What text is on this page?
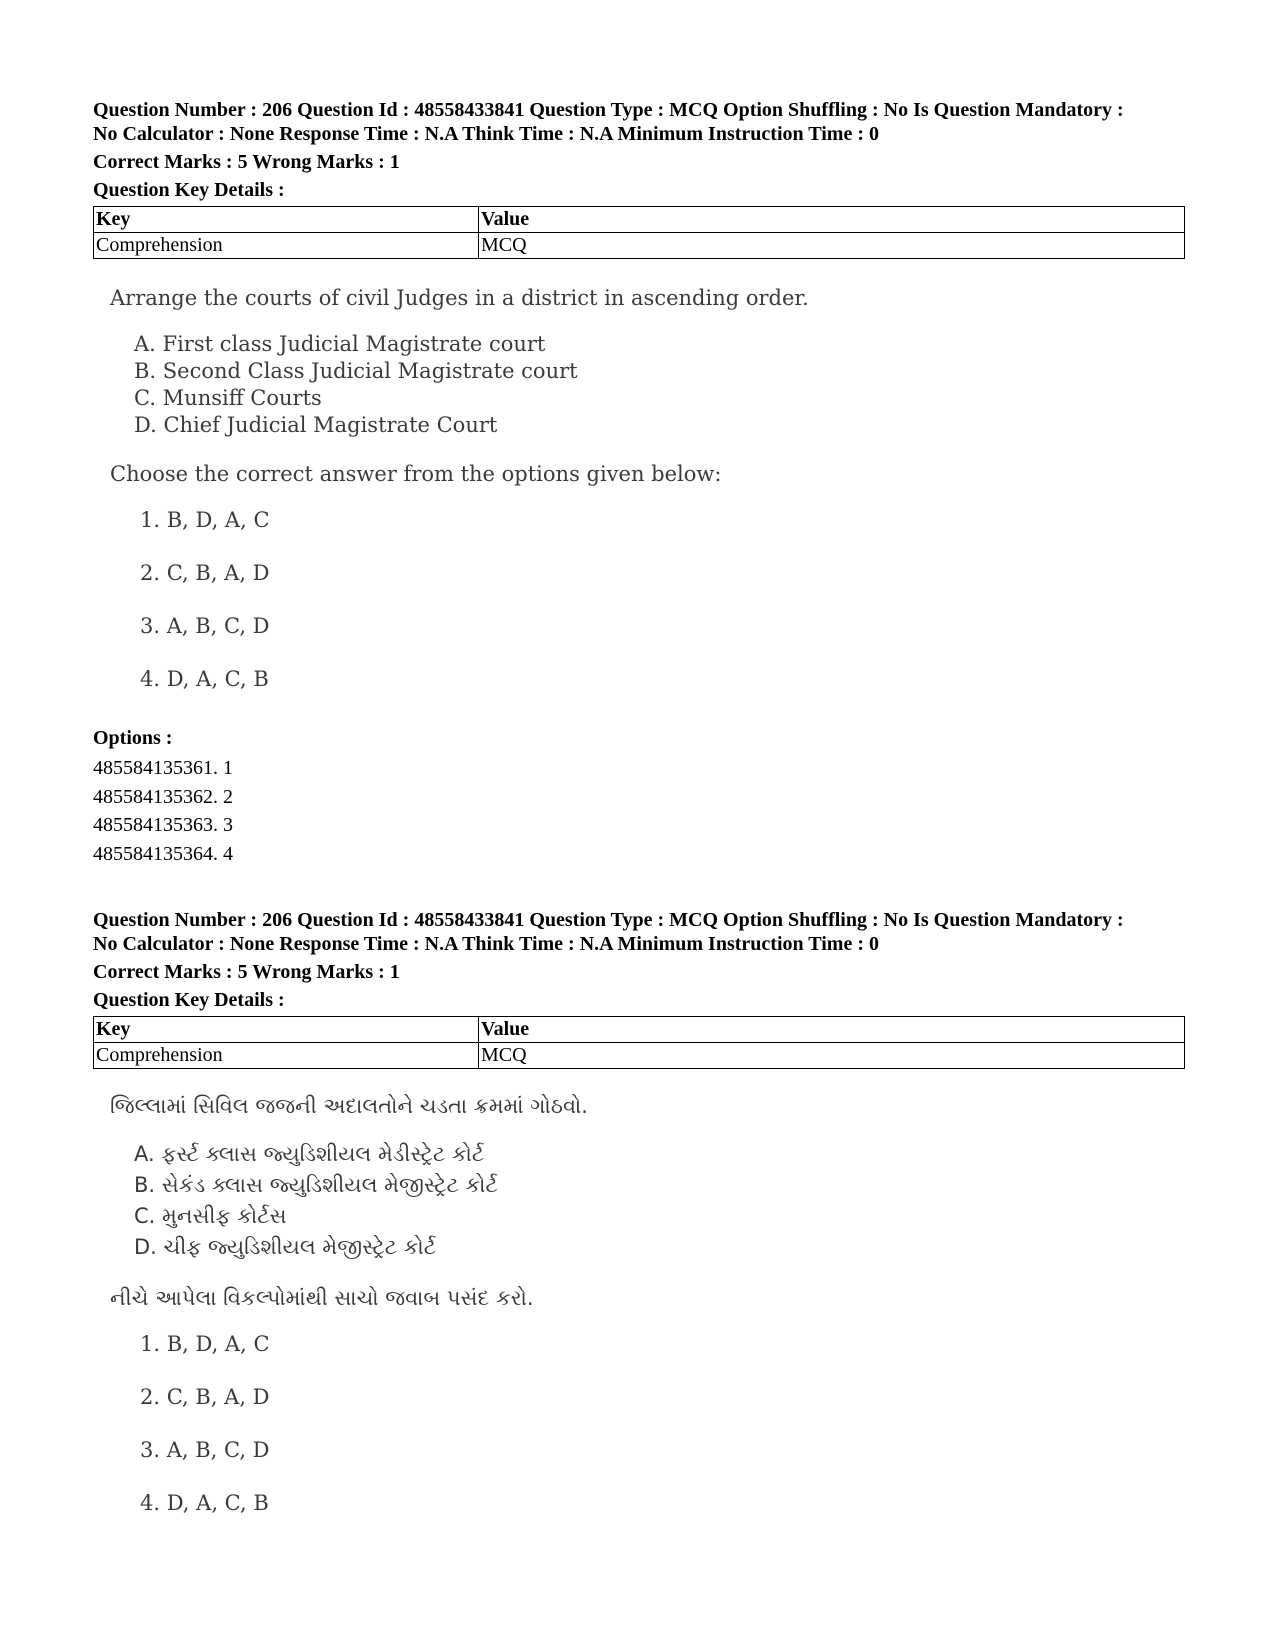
Question Number : 206 Question Id : 48558433841 Question Type : MCQ Option Shuffling : No Is Question Mandatory :

No Calculator : None Response Time : N.A Think Time : N.A Minimum Instruction Time : 0

Correct Marks : 5 Wrong Marks : 1

Question Key Details :

Key	Value
Comprehension	MCQ

Arrange the courts of civil Judges in a district in ascending order.

A. First class Judicial Magistrate court
B. Second Class Judicial Magistrate court
C. Munsiff Courts
D. Chief Judicial Magistrate Court

Choose the correct answer from the options given below:

1. B, D, A, C
2. C, B, A, D
3. A, B, C, D
4. D, A, C, B

Options :

485584135361. 1

485584135362. 2

485584135363. 3

485584135364. 4

Question Number : 206 Question Id : 48558433841 Question Type : MCQ Option Shuffling : No Is Question Mandatory :

No Calculator : None Response Time : N.A Think Time : N.A Minimum Instruction Time : 0

Correct Marks : 5 Wrong Marks : 1

Question Key Details :

Key	Value
Comprehension	MCQ

જિલ્લામાં સિવિલ જજની અદાલતોને ચડતા ક્રમમાં ગોઠવો.

A. ફર્સ્ટ ક્લાસ જ્યુડિશીયલ મેડીસ્ટ્રેટ કોર્ટ
B. સેકંડ ક્લાસ જ્યુડિશીયલ મેજીસ્ટ્રેટ કોર્ટ
C. મુનસીફ કોર્ટસ
D. ચીફ જ્યુડિશીયલ મેજીસ્ટ્રેટ કોર્ટ

નીચે આપેલા વિકલ્પોમાંથી સાચો જવાબ પસંદ કરો.

1. B, D, A, C
2. C, B, A, D
3. A, B, C, D
4. D, A, C, B
